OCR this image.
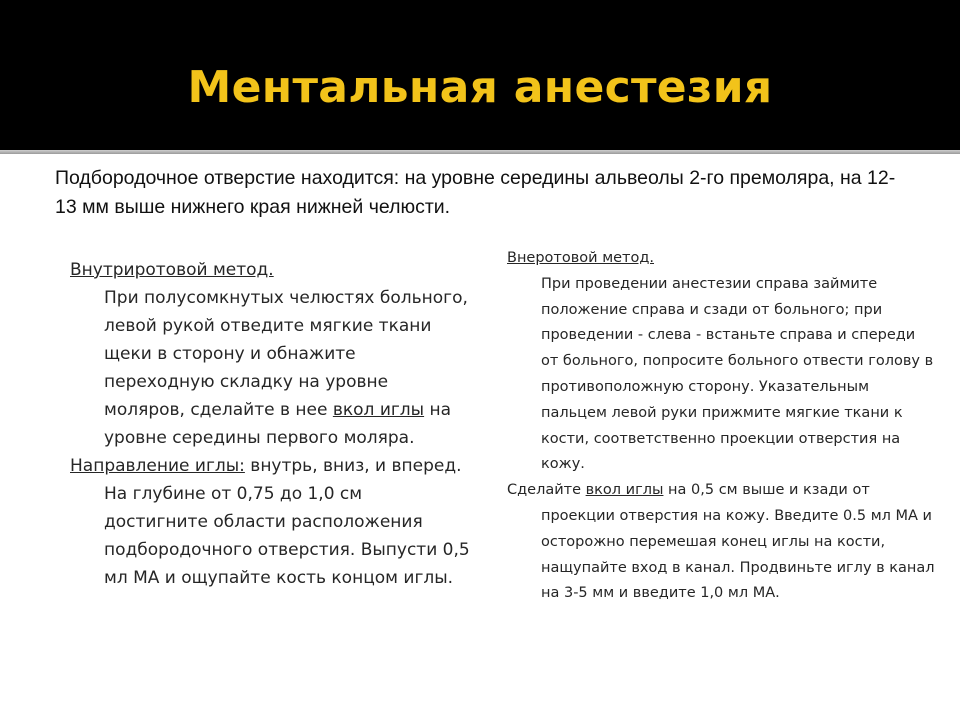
Ментальная анестезия

Подбородочное отверстие находится: на уровне середины альвеолы 2-го премоляра, на 12-13 мм выше нижнего края нижней челюсти.

Внутриротовой метод.

При полусомкнутых челюстях больного, левой рукой отведите мягкие ткани щеки в сторону и обнажите переходную складку на уровне моляров, сделайте в нее вкол иглы на уровне середины первого моляра.

Направление иглы: внутрь, вниз, и вперед. На глубине от 0,75 до 1,0 см достигните области расположения подбородочного отверстия. Выпусти 0,5 мл МА и ощупайте кость концом иглы.

Внеротовой метод.

При проведении анестезии справа займите положение справа и сзади от больного; при проведении - слева - встаньте справа и спереди от больного, попросите больного отвести голову в противоположную сторону. Указательным пальцем левой руки прижмите мягкие ткани к кости, соответственно проекции отверстия на кожу.

Сделайте вкол иглы на 0,5 см выше и кзади от проекции отверстия на кожу. Введите 0.5 мл МА и осторожно перемешая конец иглы на кости, нащупайте вход в канал. Продвиньте иглу в канал на 3-5 мм и введите 1,0 мл МА.
